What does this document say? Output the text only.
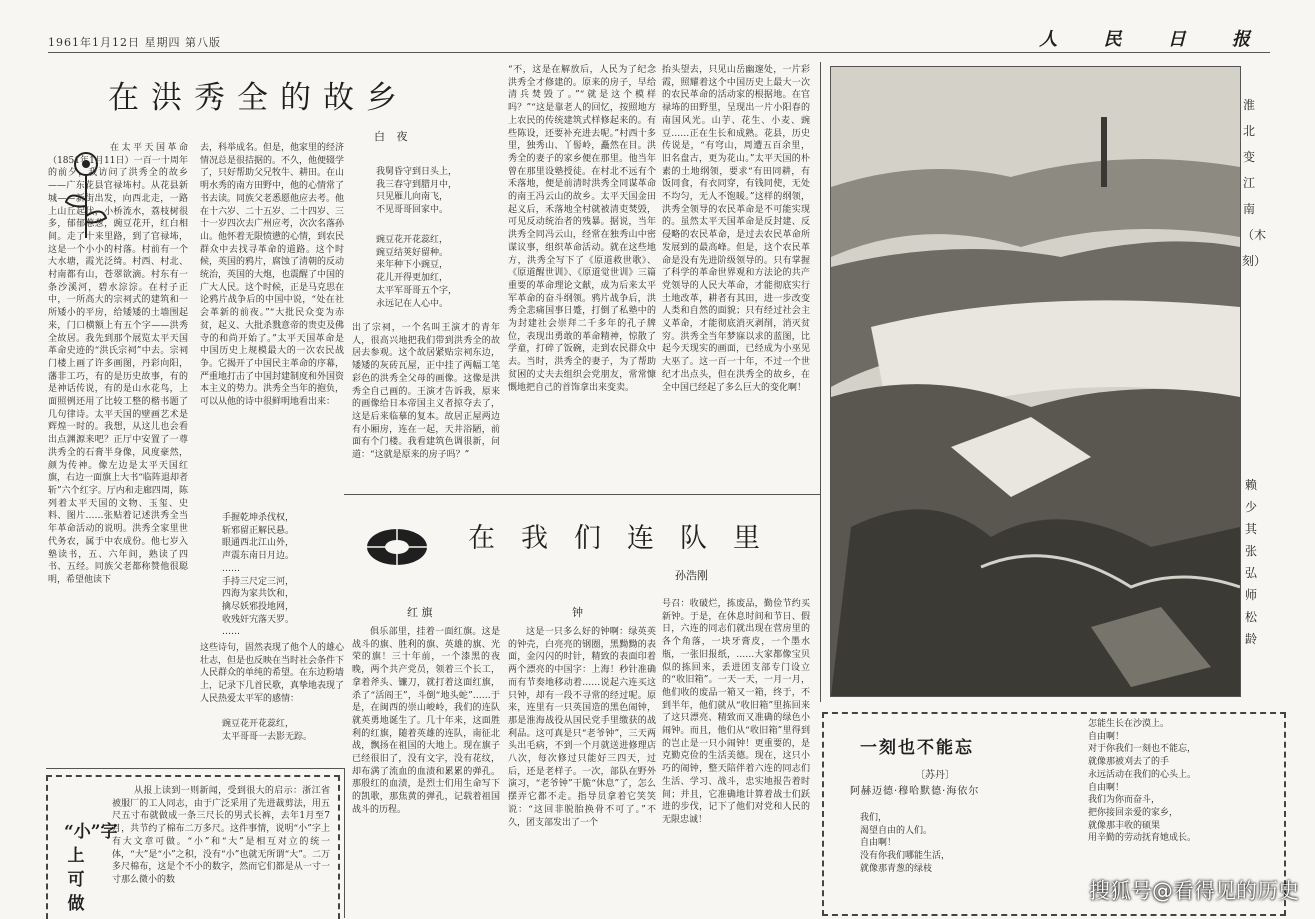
1961年1月12日 星期四 第八版	人 民 日 报
在洪秀全的故乡
白 夜

在太平天国革命（1851年1月11日）一百一十周年的前夕，我访问了洪秀全的故乡——广东花县官禄㘵村。从花县新城——新街出发，向西北走，一路上山丘起伏，小桥流水，荔枝树很多，郁郁葱葱，豌豆花开，红白相间。走了十来里路，到了官禄㘵，这是一个小小的村落。村前有一个大水塘，霞光泛绮。村西、村北、村南都有山，苍翠欲滴。村东有一条沙溪河，碧水淙淙。在村子正中，一所高大的宗祠式的建筑和一所矮小的平房，给矮矮的土墙围起来，门口横额上有五个字——洪秀全故居。我先到那个展览太平天国革命史迹的“洪氏宗祠”中去。宗祠门楼上画了许多画图，丹彩向阳，藩非工巧，有的是历史故事，有的是神话传说，有的是山水花鸟，上面照例还用了比较工整的楷书题了几句律诗。太平天国的壁画艺术是辉煌一时的。我想，从这儿也会看出点渊源来吧？正厅中安置了一尊洪秀全的石膏半身像，风度豪然，颜为传神。像左边是太平天国红旗，右边一面旗上大书“临阵退却者斩”六个红字。厅内和走廊四周，陈列着太平天国的文物、玉玺、史料、图片……张贴着记述洪秀全当年革命活动的说明。洪秀全家里世代务农，属于中农成份。他七岁入塾读书，五、六年间，熟读了四书、五经。同族父老都称赞他很聪明，希望他读下

去，科举成名。但是，他家里的经济情况总是很拮据的。不久，他便辍学了，只好帮助父兄牧牛、耕田。在山明水秀的南方田野中，他的心情常了书去读。同族父老悉愿他应去考。他在十六岁、二十五岁、二十四岁、三十一岁四次去广州应考，次次名落孙山。他怀着无限愤懑的心情，到农民群众中去找寻革命的道路。这个时候，英国的鸦片，腐蚀了清朝的反动统治，英国的大炮，也震醒了中国的广大人民。这个时候，正是马克思在论鸦片战争后的中国中说，“处在社会革新的前夜。”“大批民众变为赤贫，起义、大批杀戮意帝的贵吏及佛寺的和尚开始了。”太平天国革命是中国历史上规模最大的一次农民战争。它揭开了中国民主革命的序幕，严重地打击了中国封建制度和外国资本主义的势力。洪秀全当年的抱负，可以从他的诗中很鲜明地看出来：

手握乾坤杀伐权，
斩邪留正解民悬。
眼通西北江山外，
声震东南日月边。
……
手持三尺定三河，
四海为家共饮和，
擒尽妖邪投地网，
收残奸宄落天罗。
……

这些诗句，固然表现了他个人的雄心壮志，但是也反映在当时社会条件下人民群众的单纯的希望。在东边粉墙上，记录下几首民歌，真挚地表现了人民热爱太平军的感情：

豌豆花开花蕊红，
太平哥哥一去影无踪。
我舅昏守到日头上，
我三春守到腊月中，
只见雁儿向南飞，
不见哥哥回家中。
豌豆花开花蕊红，
豌豆结荚好留种。
来年种下小豌豆，
花儿开得更加红，
太平军哥哥五个字，
永远记在人心中。

出了宗祠，一个名叫王演才的青年人，很高兴地把我们带到洪秀全的故居去参观。这个故居紧贴宗祠东边，矮矮的灰砖瓦屋，正中挂了两幅工笔彩色的洪秀全父母的画像。这像是洪秀全自己画的。王演才告诉我，原来的画像给日本帝国主义者掠夺去了，这是后来临摹的复本。故居正屋两边有小厢房，连在一起，天井浴陋，前面有个门楼。我看建筑色调很新，问道：“这就是原来的房子吗？”

“不，这是在解放后，人民为了纪念洪秀全才修建的。原来的房子，早给清兵焚毁了。”“就是这个模样吗？”“这是靠老人的回忆，按照地方上农民的传统建筑式样修起来的。有些陈设，还要补充进去呢。”村西十多里，独秀山、丫髻岭，矗然在目。洪秀全的妻子的家乡便在那里。他当年曾在那里设塾授徒。在村北不远有个禾落地，便是前清时洪秀全同谋革命的南王冯云山的故乡。太平天国金田起义后，禾落地全村就被清吏焚毁，可见反动统治者的残暴。据说，当年洪秀全同冯云山，经常在独秀山中密谋议事，组织革命活动。就在这些地方，洪秀全写下了《原道救世歌》、《原道醒世训》、《原道觉世训》三篇重要的革命理论文献，成为后来太平军革命的奋斗纲领。鸦片战争后，洪秀全悲痛国事日蹙，打倒了私塾中的为封建社会崇拜二千多年的孔子牌位，表现出勇敢的革命精神，惊散了学童，打碎了饭碗，走到农民群众中去。当时，洪秀全的妻子，为了帮助贫困的丈夫去组织会党朋友，常常慷慨地把自己的首饰拿出来变卖。

抬头望去，只见山岳幽邃处，一片彩霞，照耀着这个中国历史上最大一次的农民革命的活动家的根据地。在官禄㘵的田野里，呈现出一片小阳春的南国风光。山芋、花生、小麦、豌豆……正在生长和成熟。花县，历史传说是，“有穹山，周遭五百余里，旧名盘古，更为花山。”太平天国的朴素的土地纲领，要求“有田同耕，有饭同食，有衣同穿，有钱同使，无处不均匀，无人不饱暖。”这样的纲领，洪秀全领导的农民革命是不可能实现的。虽然太平天国革命是反封建、反侵略的农民革命，是过去农民革命所发展到的最高峰。但是，这个农民革命是没有先进阶级领导的。只有掌握了科学的革命世界观和方法论的共产党领导的人民大革命，才能彻底实行土地改革，耕者有其田，进一步改变人类和自然的面貌；只有经过社会主义革命，才能彻底消灭剥削，消灭贫穷。洪秀全当年梦寐以求的蓝图，比起今天现实的画面，已经成为小巫见大巫了。这一百一十年，不过一个世纪才出点头，但在洪秀全的故乡，在全中国已经起了多么巨大的变化啊！

在我们连队里
孙浩刚
红 旗	钟

俱乐部里，挂着一面红旗。这是战斗的旗、胜利的旗、英雄的旗、光荣的旗！三十年前，一个漆黑的夜晚，两个共产党员，领着三个长工，拿着斧头、镰刀，就打着这面红旗，杀了“活阎王”，斗倒“地头蛇”……于是，在闽西的崇山峻岭，我们的连队就英勇地诞生了。几十年来，这面胜利的红旗，随着英雄的连队，南征北战，飘扬在祖国的大地上。现在旗子已经很旧了，没有文字，没有花纹，却布满了流血的血渍和累累的弹孔。那殷红的血渍，是烈士们用生命写下的凯歌，那焦黄的弹孔，记载着祖国战斗的历程。

这是一只多么好的钟啊：绿英英的钟壳，白亮亮的钢圈，黑黝黝的表面，金闪闪的时针，精致的表面印着两个漂亮的中国字：上海！秒针准确而有节奏地移动着……说起六连买这只钟，却有一段不寻常的经过呢。原来，连里有一只英国造的黑色闹钟，那是淮海战役从国民党手里缴获的战利品。这可真是只“老爷钟”，三天两头出毛病，不到一个月就送进修理店八次，每次修过只能好三四天，过后，还是老样子。一次，部队在野外演习，“老爷钟”干脆“休息”了，怎么摆弄它都不走。指导员拿着它笑笑说：“这回非脱胎换骨不可了。”不久，团支部发出了一个

号召：收破烂，拣废品，勤俭节约买新钟。于是，在休息时间和节日、假日，六连的同志们就出现在营房里的各个角落，一块牙膏皮，一个墨水瓶，一张旧报纸，……大家都像宝贝似的拣回来，丢进团支部专门设立的“收旧箱”。一天一天，一月一月，他们收的废品一箱又一箱，终于，不到半年，他们就从“收旧箱”里拣回来了这只漂亮、精致而又准确的绿色小闹钟。而且，他们从“收旧箱”里得到的岂止是一只小闹钟！更重要的，是克勤克俭的生活美德。现在，这只小巧的闹钟，整天陪伴着六连的同志们生活、学习、战斗，忠实地报告着时间；并且，它准确地计算着战士们跃进的步伐，记下了他们对党和人民的无限忠诚！

淮北变江南（木刻）
赖少其 张弘 师松龄

从报上读到一则新闻，受到很大的启示：浙江省被服厂的工人同志，由于广泛采用了先进裁剪法，用五尺五寸布就做成一条三尺长的男式长裤，去年1月至7月，共节约了棉布二万多尺。这件事情，说明“小”字上有大文章可做。“小”和“大”是相互对立的统一体，“大”是“小”之积，没有“小”也就无所谓“大”。二万多尺棉布，这是个不小的数字，然而它们都是从一寸一寸那么微小的数

“小”字上可做
怎能生长在沙漠上。
自由啊！
对于你我们一刻也不能忘，
就像那被刈去了的手
永远活动在我们的心头上。
自由啊！
我们为你而奋斗，
把你接回亲爱的家乡，
就像那丰收的硕果
用辛勤的劳动抚育她成长。
我们，
渴望自由的人们。
自由啊！
没有你我们哪能生活，
就像那青葱的绿枝
一刻也不能忘
〔苏丹〕
阿赫迈德·穆哈默德·海依尔
搜狐号@看得见的历史
